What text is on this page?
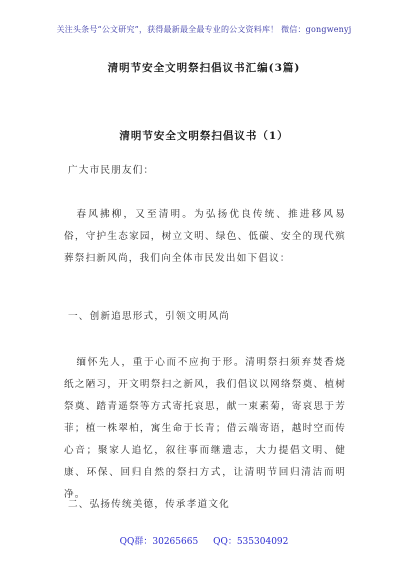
关注头条号“公文研究”，获得最新最全最专业的公文资料库！ 微信：gongwenyj
清明节安全文明祭扫倡议书汇编(3篇)
清明节安全文明祭扫倡议书（1）
广大市民朋友们：
春风拂柳，又至清明。为弘扬优良传统、推进移风易俗，守护生态家园，树立文明、绿色、低碳、安全的现代殡葬祭扫新风尚，我们向全体市民发出如下倡议：
一、创新追思形式，引领文明风尚
缅怀先人，重于心而不应拘于形。清明祭扫须弃焚香烧纸之陋习，开文明祭扫之新风，我们倡议以网络祭奠、植树祭奠、踏青遥祭等方式寄托哀思，献一束素菊，寄哀思于芳菲；植一株翠柏，寓生命于长青；借云端寄语，越时空而传心音；聚家人追忆，叙往事而继遗志，大力提倡文明、健康、环保、回归自然的祭扫方式，让清明节回归清洁而明净。
二、弘扬传统美德，传承孝道文化
QQ群：30265665 QQ：535304092
